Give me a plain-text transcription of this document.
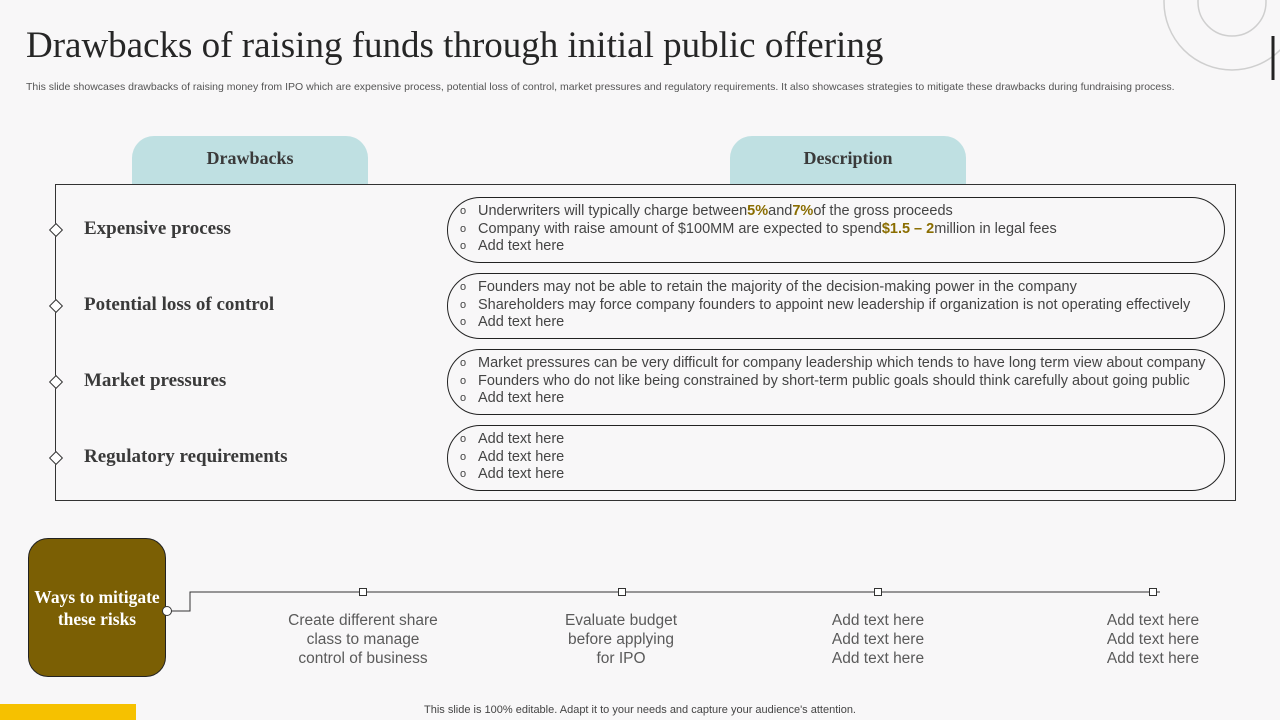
Drawbacks of raising funds through initial public offering
This slide showcases drawbacks of raising money from IPO which are expensive process, potential loss of control, market pressures and regulatory requirements. It also showcases strategies to mitigate these drawbacks during fundraising process.
Drawbacks	Description
Expensive process
o Underwriters will typically charge between 5% and 7% of the gross proceeds
o Company with raise amount of $100MM are expected to spend $1.5 – 2 million in legal fees
o Add text here
Potential loss of control
o Founders may not be able to retain the majority of the decision-making power in the company
o Shareholders may force company founders to appoint new leadership if organization is not operating effectively
o Add text here
Market pressures
o Market pressures can be very difficult for company leadership which tends to have long term view about company
o Founders who do not like being constrained by short-term public goals should think carefully about going public
o Add text here
Regulatory requirements
o Add text here
o Add text here
o Add text here
Ways to mitigate these risks	Create different share
class to manage
control of business
Evaluate budget
before applying
for IPO
Add text here
Add text here
Add text here
Add text here
Add text here
Add text here
This slide is 100% editable. Adapt it to your needs and capture your audience's attention.
